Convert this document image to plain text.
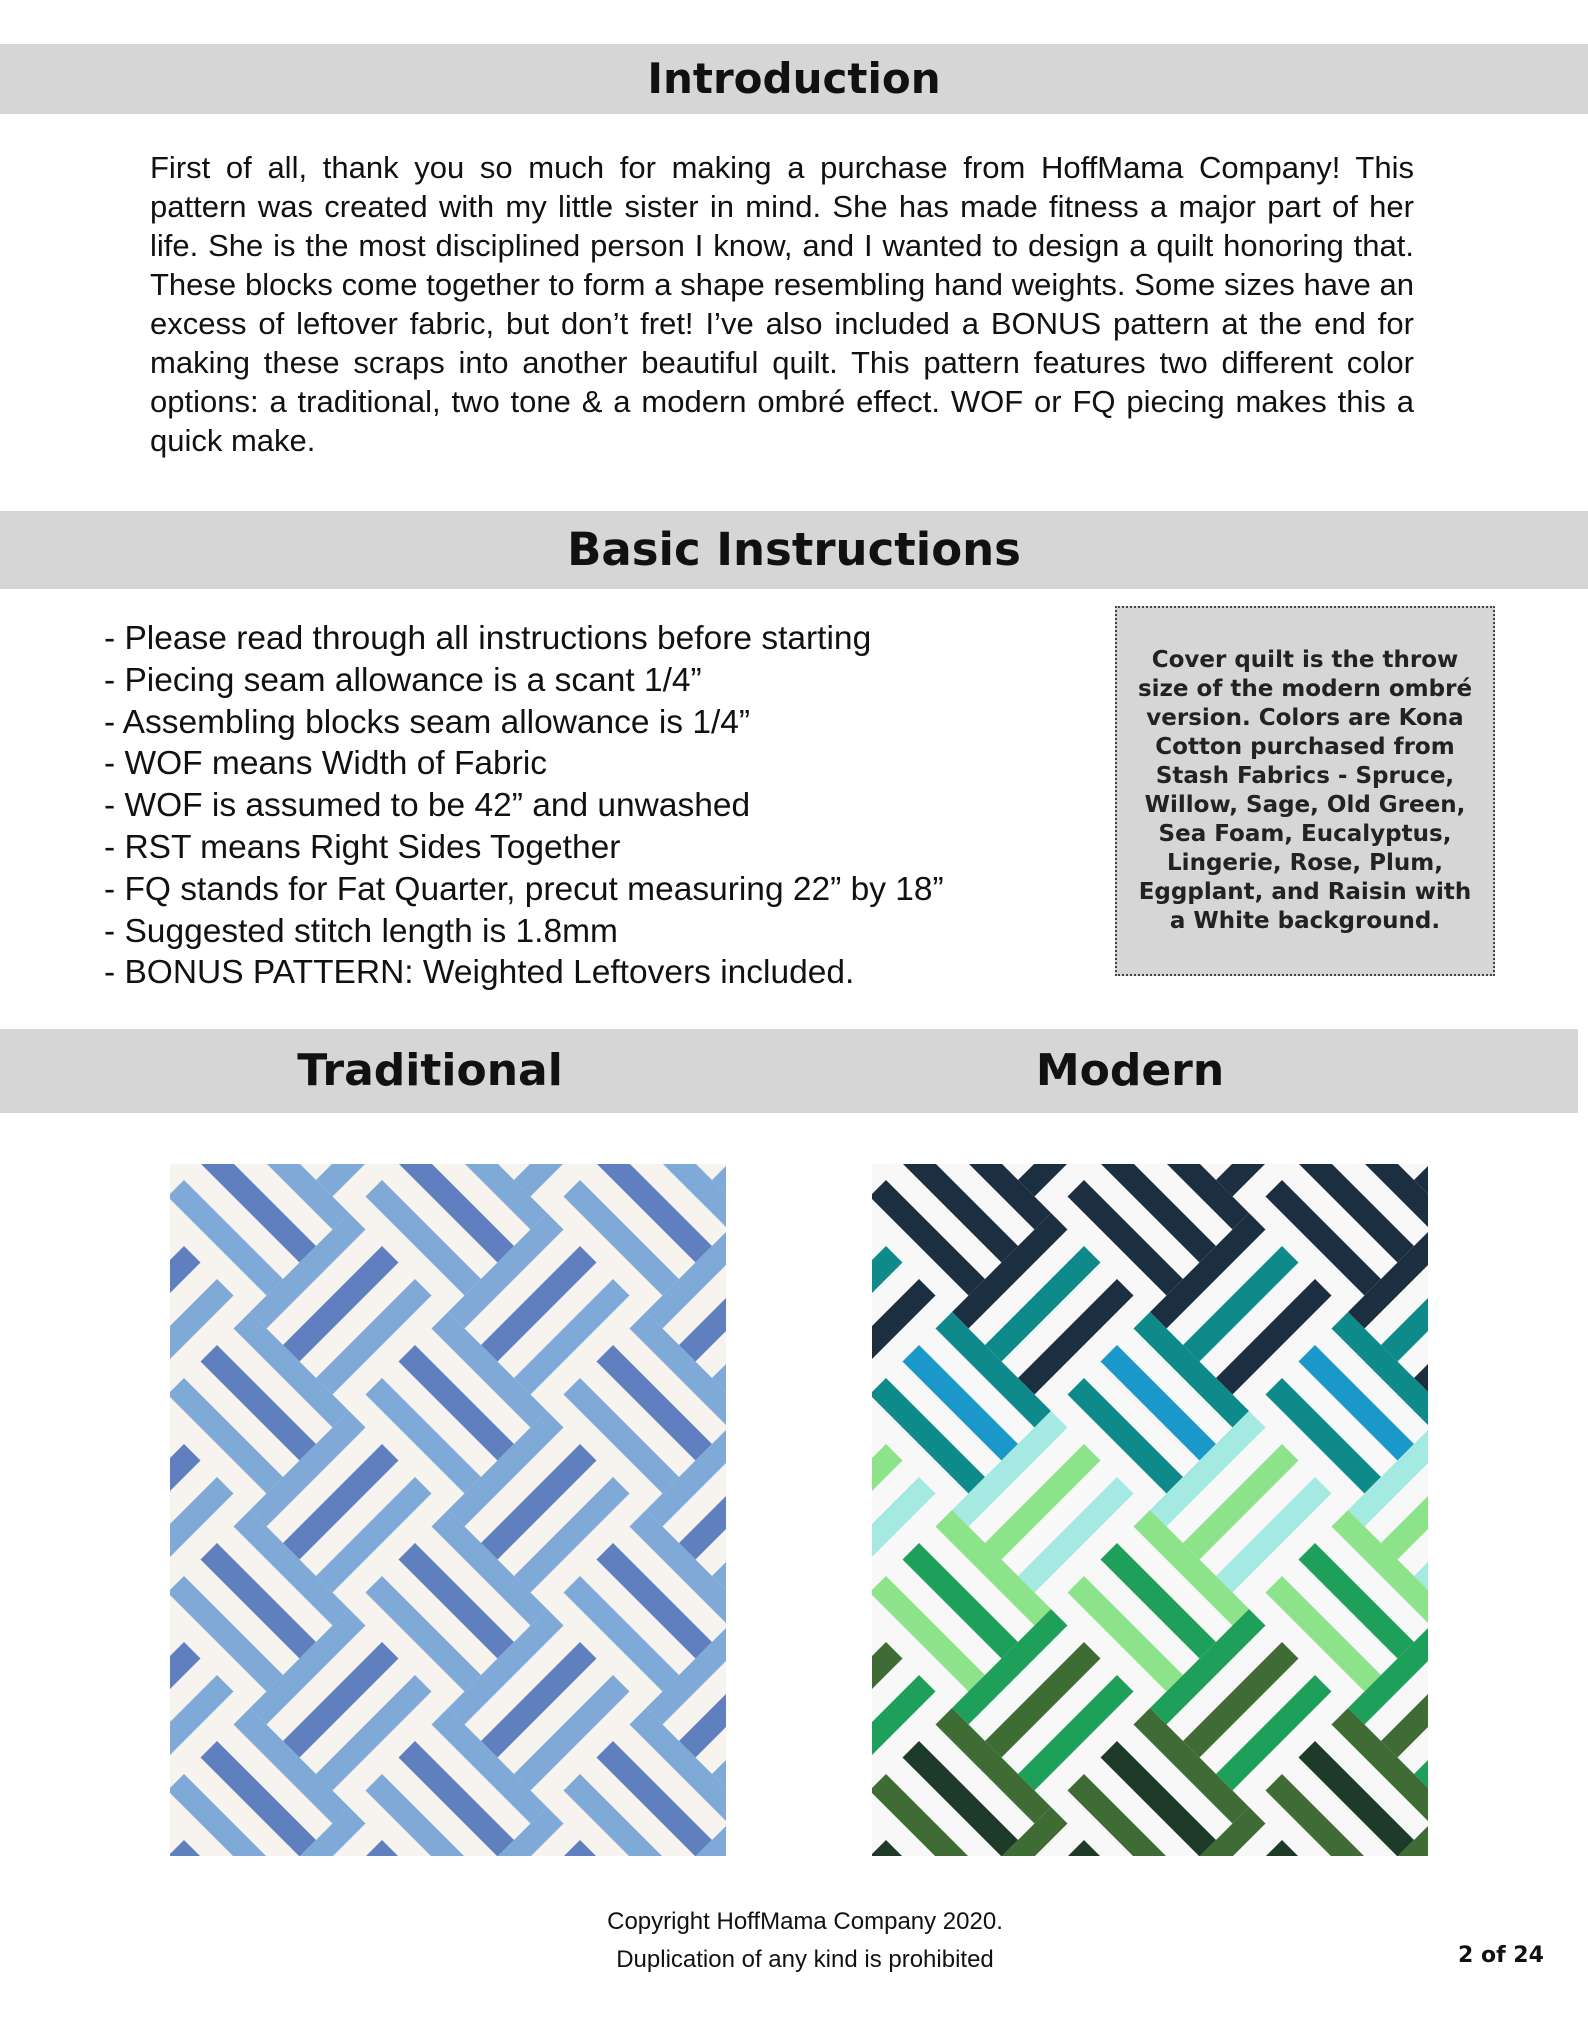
Introduction

First of all, thank you so much for making a purchase from HoffMama Company! This pattern was created with my little sister in mind. She has made fitness a major part of her life. She is the most disciplined person I know, and I wanted to design a quilt honoring that. These blocks come together to form a shape resembling hand weights. Some sizes have an excess of leftover fabric, but don’t fret! I’ve also included a BONUS pattern at the end for making these scraps into another beautiful quilt. This pattern features two different color options: a traditional, two tone & a modern ombré effect. WOF or FQ piecing makes this a quick make.

Basic Instructions
- Please read through all instructions before starting
- Piecing seam allowance is a scant 1/4”
- Assembling blocks seam allowance is 1/4”
- WOF means Width of Fabric
- WOF is assumed to be 42” and unwashed
- RST means Right Sides Together
- FQ stands for Fat Quarter, precut measuring 22” by 18”
- Suggested stitch length is 1.8mm
- BONUS PATTERN: Weighted Leftovers included.

Cover quilt is the throw size of the modern ombré version. Colors are Kona Cotton purchased from Stash Fabrics - Spruce, Willow, Sage, Old Green, Sea Foam, Eucalyptus, Lingerie, Rose, Plum, Eggplant, and Raisin with a White background.

Traditional	Modern

Copyright HoffMama Company 2020.
Duplication of any kind is prohibited	2 of 24
